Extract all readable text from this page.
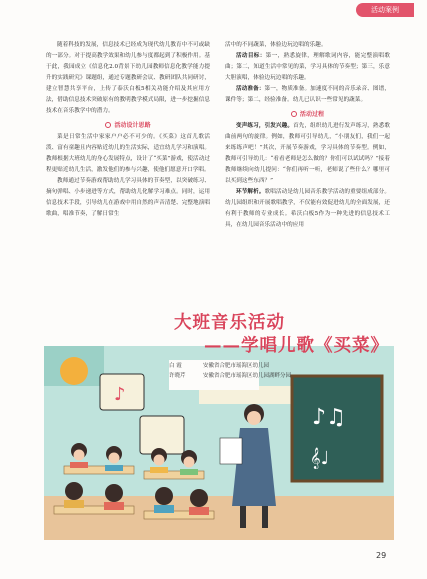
活动案例

随着科技的发展，信息技术已经成为现代幼儿教育中不可或缺的一部分。对于提高教学效果和幼儿参与度都起到了积极作用。基于此，我园成立《信息化2.0背景下幼儿园教师信息化教学能力提升的实践研究》课题组，通过专题教研会议、教研团队共同研讨，建立智慧共享平台，上传了泰沃白板5相关功能介绍及其应用方法，借助信息技术突破原有的教明教学模式局限，进一步挖掘信息技术在音乐教学中的潜力。

活动设计思路

菜是日常生活中家家户户必不可少的。《买菜》这首儿歌活泼、富有童趣且内容贴近幼儿的生活实际，适宜幼儿学习和演唱。教师根据大班幼儿的身心发展特点，设计了“买菜”游戏，使活动过程更贴近幼儿生活，激发他们的参与兴趣，使他们愿意开口学唱。

教师通过节奏游戏帮助幼儿学习具体的节奏型，以突破练习、摘句弹唱、小步递进等方式，帮助幼儿化解学习难点。同时，运用信息技术手段，引导幼儿在游戏中用自然的声音清楚、完整地演唱歌曲，唱准节奏，了解日常生

活中的不同蔬菜，体验边玩边唱的乐趣。

活动目标：第一，熟悉旋律，理解歌词内容，能完整演唱歌曲；第二，知道生活中常见的菜，学习具体的节奏型；第三，乐意大胆演唱，体验边玩边唱的乐趣。

活动准备：第一，物质准备。加速度不同的音乐录音、图谱，课件等；第二，经验准备。幼儿已认识一些常见的蔬菜。

活动过程

变声练习，引发兴趣。首先，组织幼儿进行发声练习，熟悉歌曲前两句的旋律。例如，教师可引导幼儿，“小朋友们，我们一起来练练声吧！”其次，开展节奏游戏，学习具体的节奏型。例如，教师可引导幼儿：“看看老师是怎么做的？你们可以试试吗？”接着教师继续向幼儿提问：“你们再听一听，老师说了些什么？哪里可以买到这些东西？”

环节解析。歌唱活动是幼儿园音乐教学活动的重要组成部分。幼儿园组织和开展歌唱教学，不仅能有效促进幼儿的全面发展，还有利于教师的专业成长。希沃白板5作为一种先进的信息技术工具，在幼儿园音乐活动中的应用

♪
♪♫
𝄞♩
大班音乐活动
——学唱儿歌《买菜》
白 霞	安徽省合肥市瑶海区幼儿园
许晓芹	安徽省合肥市瑶海区幼儿园湖畔分园
29
